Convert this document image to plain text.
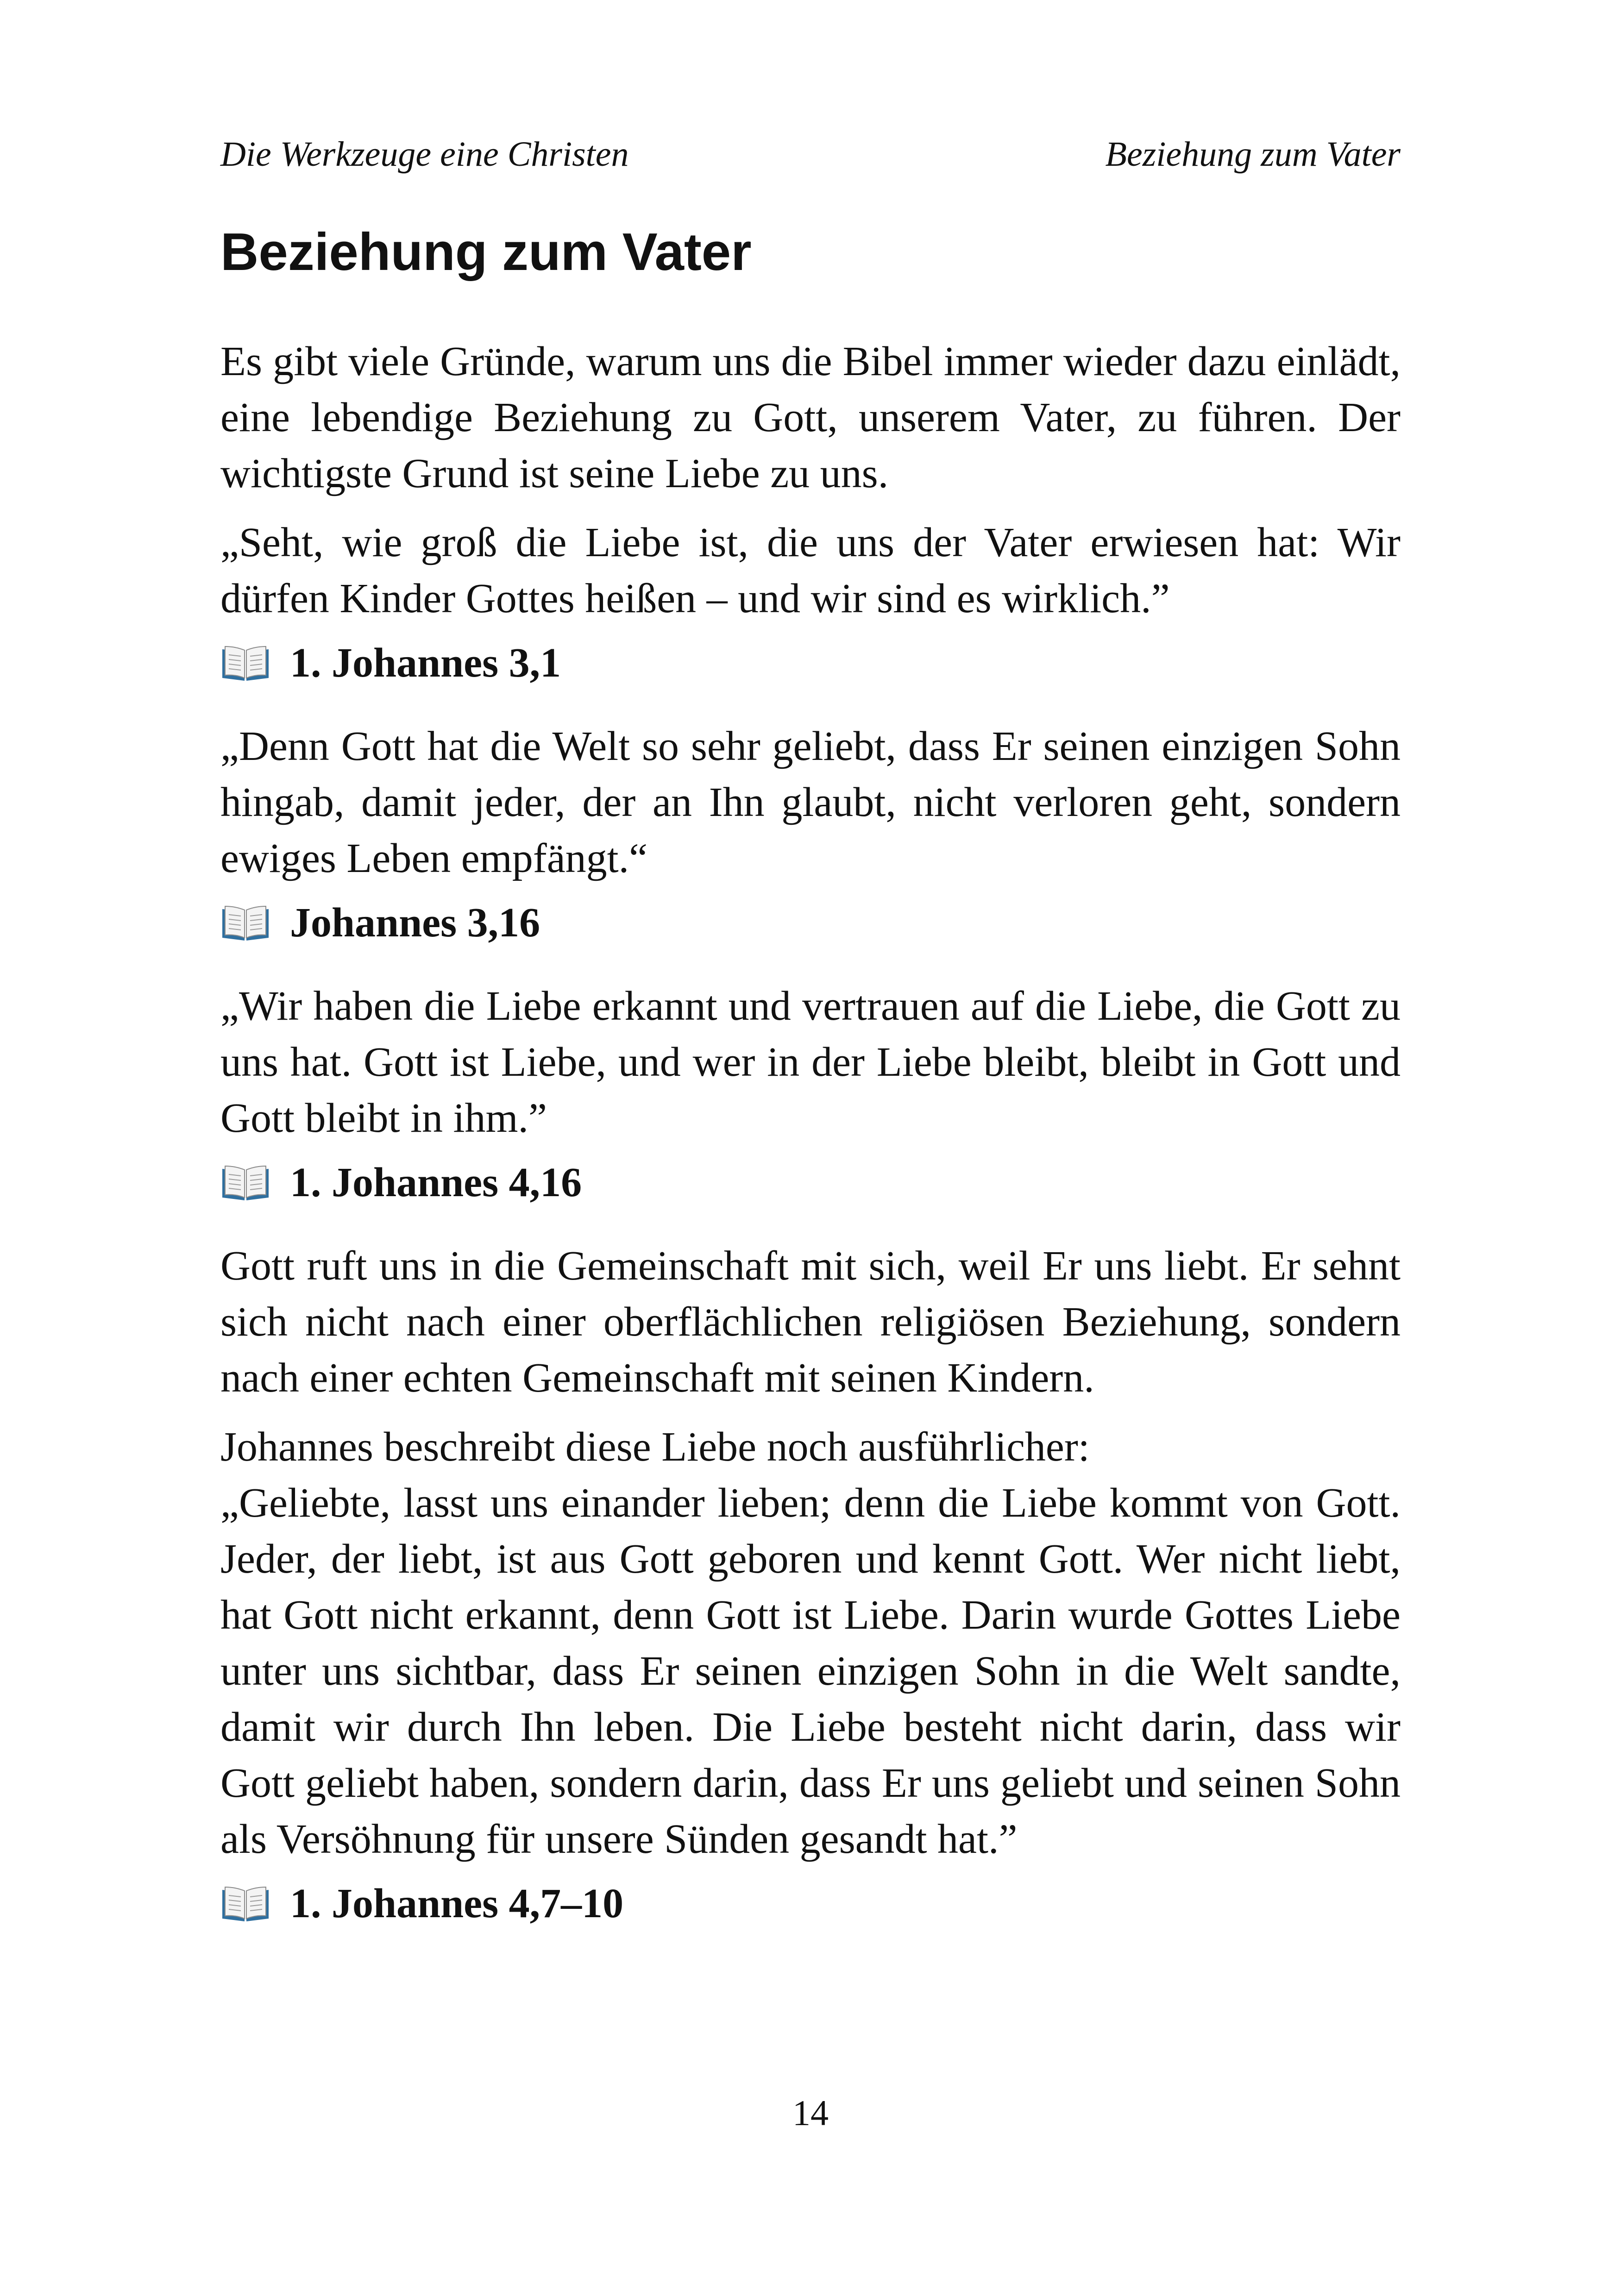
Die Werkzeuge eine Christen	Beziehung zum Vater
Beziehung zum Vater

Es gibt viele Gründe, warum uns die Bibel immer wieder dazu einlädt, eine lebendige Beziehung zu Gott, unserem Vater, zu führen. Der wichtigste Grund ist seine Liebe zu uns.

„Seht, wie groß die Liebe ist, die uns der Vater erwiesen hat: Wir dürfen Kinder Gottes heißen – und wir sind es wirklich.”

1. Johannes 3,1

„Denn Gott hat die Welt so sehr geliebt, dass Er seinen einzigen Sohn hingab, damit jeder, der an Ihn glaubt, nicht verloren geht, sondern ewiges Leben empfängt.“

Johannes 3,16

„Wir haben die Liebe erkannt und vertrauen auf die Liebe, die Gott zu uns hat. Gott ist Liebe, und wer in der Liebe bleibt, bleibt in Gott und Gott bleibt in ihm.”

1. Johannes 4,16

Gott ruft uns in die Gemeinschaft mit sich, weil Er uns liebt. Er sehnt sich nicht nach einer oberflächlichen religiösen Beziehung, sondern nach einer echten Gemeinschaft mit seinen Kindern.

Johannes beschreibt diese Liebe noch ausführlicher:

„Geliebte, lasst uns einander lieben; denn die Liebe kommt von Gott. Jeder, der liebt, ist aus Gott geboren und kennt Gott. Wer nicht liebt, hat Gott nicht erkannt, denn Gott ist Liebe. Darin wurde Gottes Liebe unter uns sichtbar, dass Er seinen einzigen Sohn in die Welt sandte, damit wir durch Ihn leben. Die Liebe besteht nicht darin, dass wir Gott geliebt haben, sondern darin, dass Er uns geliebt und seinen Sohn als Versöhnung für unsere Sünden gesandt hat.”

1. Johannes 4,7–10
14
